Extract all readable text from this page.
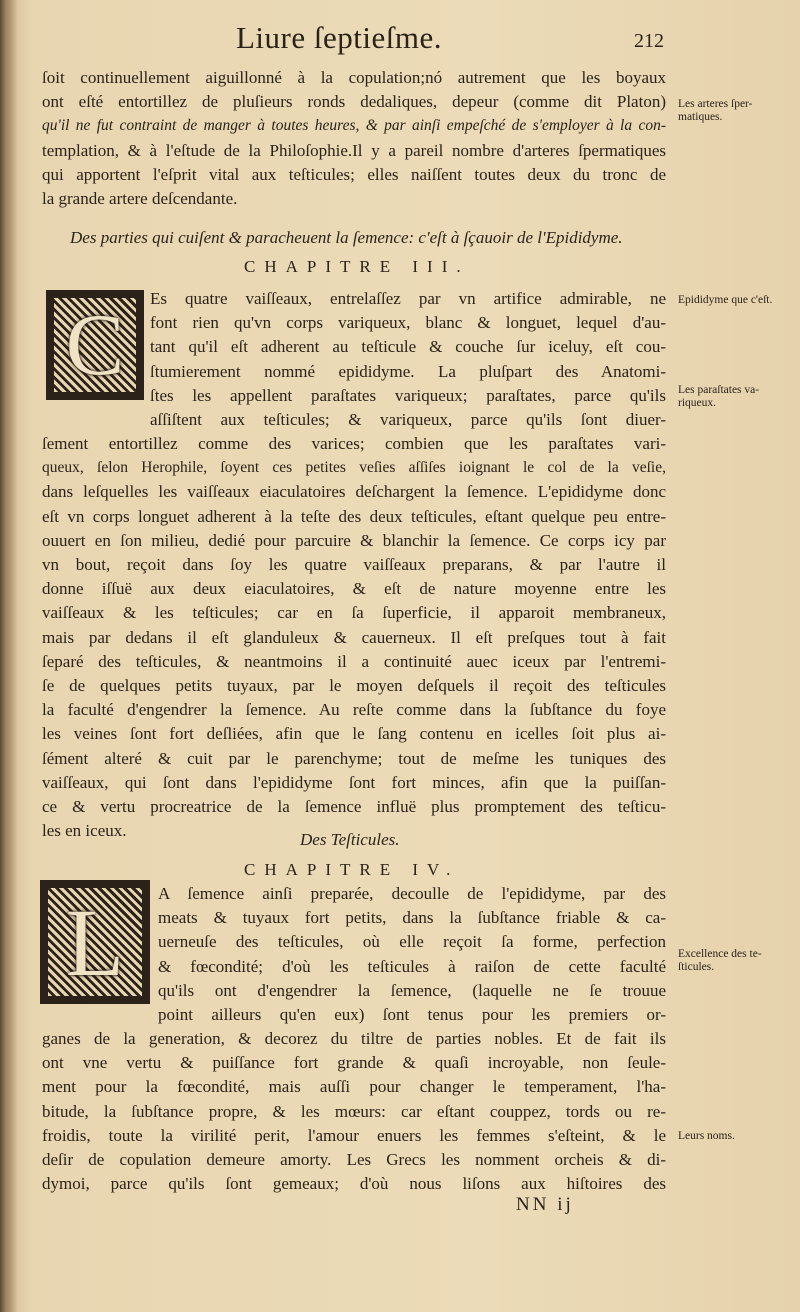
Liure ſeptieſme.	212
ſoit continuellement aiguillonné à la copulation;nó autrement que les boyaux
ont eſté entortillez de pluſieurs ronds dedaliques, depeur (comme dit Platon)
qu'il ne fut contraint de manger à toutes heures, & par ainſi empeſché de s'employer à la con-
templation, & à l'eſtude de la Philoſophie.Il y a pareil nombre d'arteres ſpermatiques
qui apportent l'eſprit vital aux teſticules; elles naiſſent toutes deux du tronc de
la grande artere deſcendante.
Des parties qui cuiſent & paracheuent la ſemence: c'eſt à ſçauoir de l'Epididyme.
CHAPITRE III.
C	Es quatre vaiſſeaux, entrelaſſez par vn artifice admirable, ne
font rien qu'vn corps variqueux, blanc & longuet, lequel d'au-
tant qu'il eſt adherent au teſticule & couche ſur iceluy, eſt cou-
ſtumierement nommé epididyme. La pluſpart des Anatomi-
ſtes les appellent paraſtates variqueux; paraſtates, parce qu'ils
aſſiſtent aux teſticules; & variqueux, parce qu'ils ſont diuer-
ſement entortillez comme des varices; combien que les paraſtates vari-
queux, ſelon Herophile, ſoyent ces petites veſies aſſiſes ioignant le col de la veſie,
dans leſquelles les vaiſſeaux eiaculatoires deſchargent la ſemence. L'epididyme donc
eſt vn corps longuet adherent à la teſte des deux teſticules, eſtant quelque peu entre-
ouuert en ſon milieu, dedié pour parcuire & blanchir la ſemence. Ce corps icy par
vn bout, reçoit dans ſoy les quatre vaiſſeaux preparans, & par l'autre il
donne iſſuë aux deux eiaculatoires, & eſt de nature moyenne entre les
vaiſſeaux & les teſticules; car en ſa ſuperficie, il apparoit membraneux,
mais par dedans il eſt glanduleux & cauerneux. Il eſt preſques tout à fait
ſeparé des teſticules, & neantmoins il a continuité auec iceux par l'entremi-
ſe de quelques petits tuyaux, par le moyen deſquels il reçoit des teſticules
la faculté d'engendrer la ſemence. Au reſte comme dans la ſubſtance du foye
les veines ſont fort deſliées, afin que le ſang contenu en icelles ſoit plus ai-
ſément alteré & cuit par le parenchyme; tout de meſme les tuniques des
vaiſſeaux, qui ſont dans l'epididyme ſont fort minces, afin que la puiſſan-
ce & vertu procreatrice de la ſemence influë plus promptement des teſticu-
les en iceux.	Des Teſticules.
CHAPITRE IV.
L	A ſemence ainſi preparée, decoulle de l'epididyme, par des
meats & tuyaux fort petits, dans la ſubſtance friable & ca-
uerneuſe des teſticules, où elle reçoit ſa forme, perfection
& fœcondité; d'où les teſticules à raiſon de cette faculté
qu'ils ont d'engendrer la ſemence, (laquelle ne ſe trouue
point ailleurs qu'en eux) ſont tenus pour les premiers or-
ganes de la generation, & decorez du tiltre de parties nobles. Et de fait ils
ont vne vertu & puiſſance fort grande & quaſi incroyable, non ſeule-
ment pour la fœcondité, mais auſſi pour changer le temperament, l'ha-
bitude, la ſubſtance propre, & les mœurs: car eſtant couppez, tords ou re-
froidis, toute la virilité perit, l'amour enuers les femmes s'eſteint, & le
deſir de copulation demeure amorty. Les Grecs les nomment orcheis & di-
dymoi, parce qu'ils ſont gemeaux; d'où nous liſons aux hiſtoires des
NN ij
Les arteres ſper-matiques.
Epididyme que c'eſt.
Les paraſtates va-riqueux.
Excellence des te-ſticules.
Leurs noms.
